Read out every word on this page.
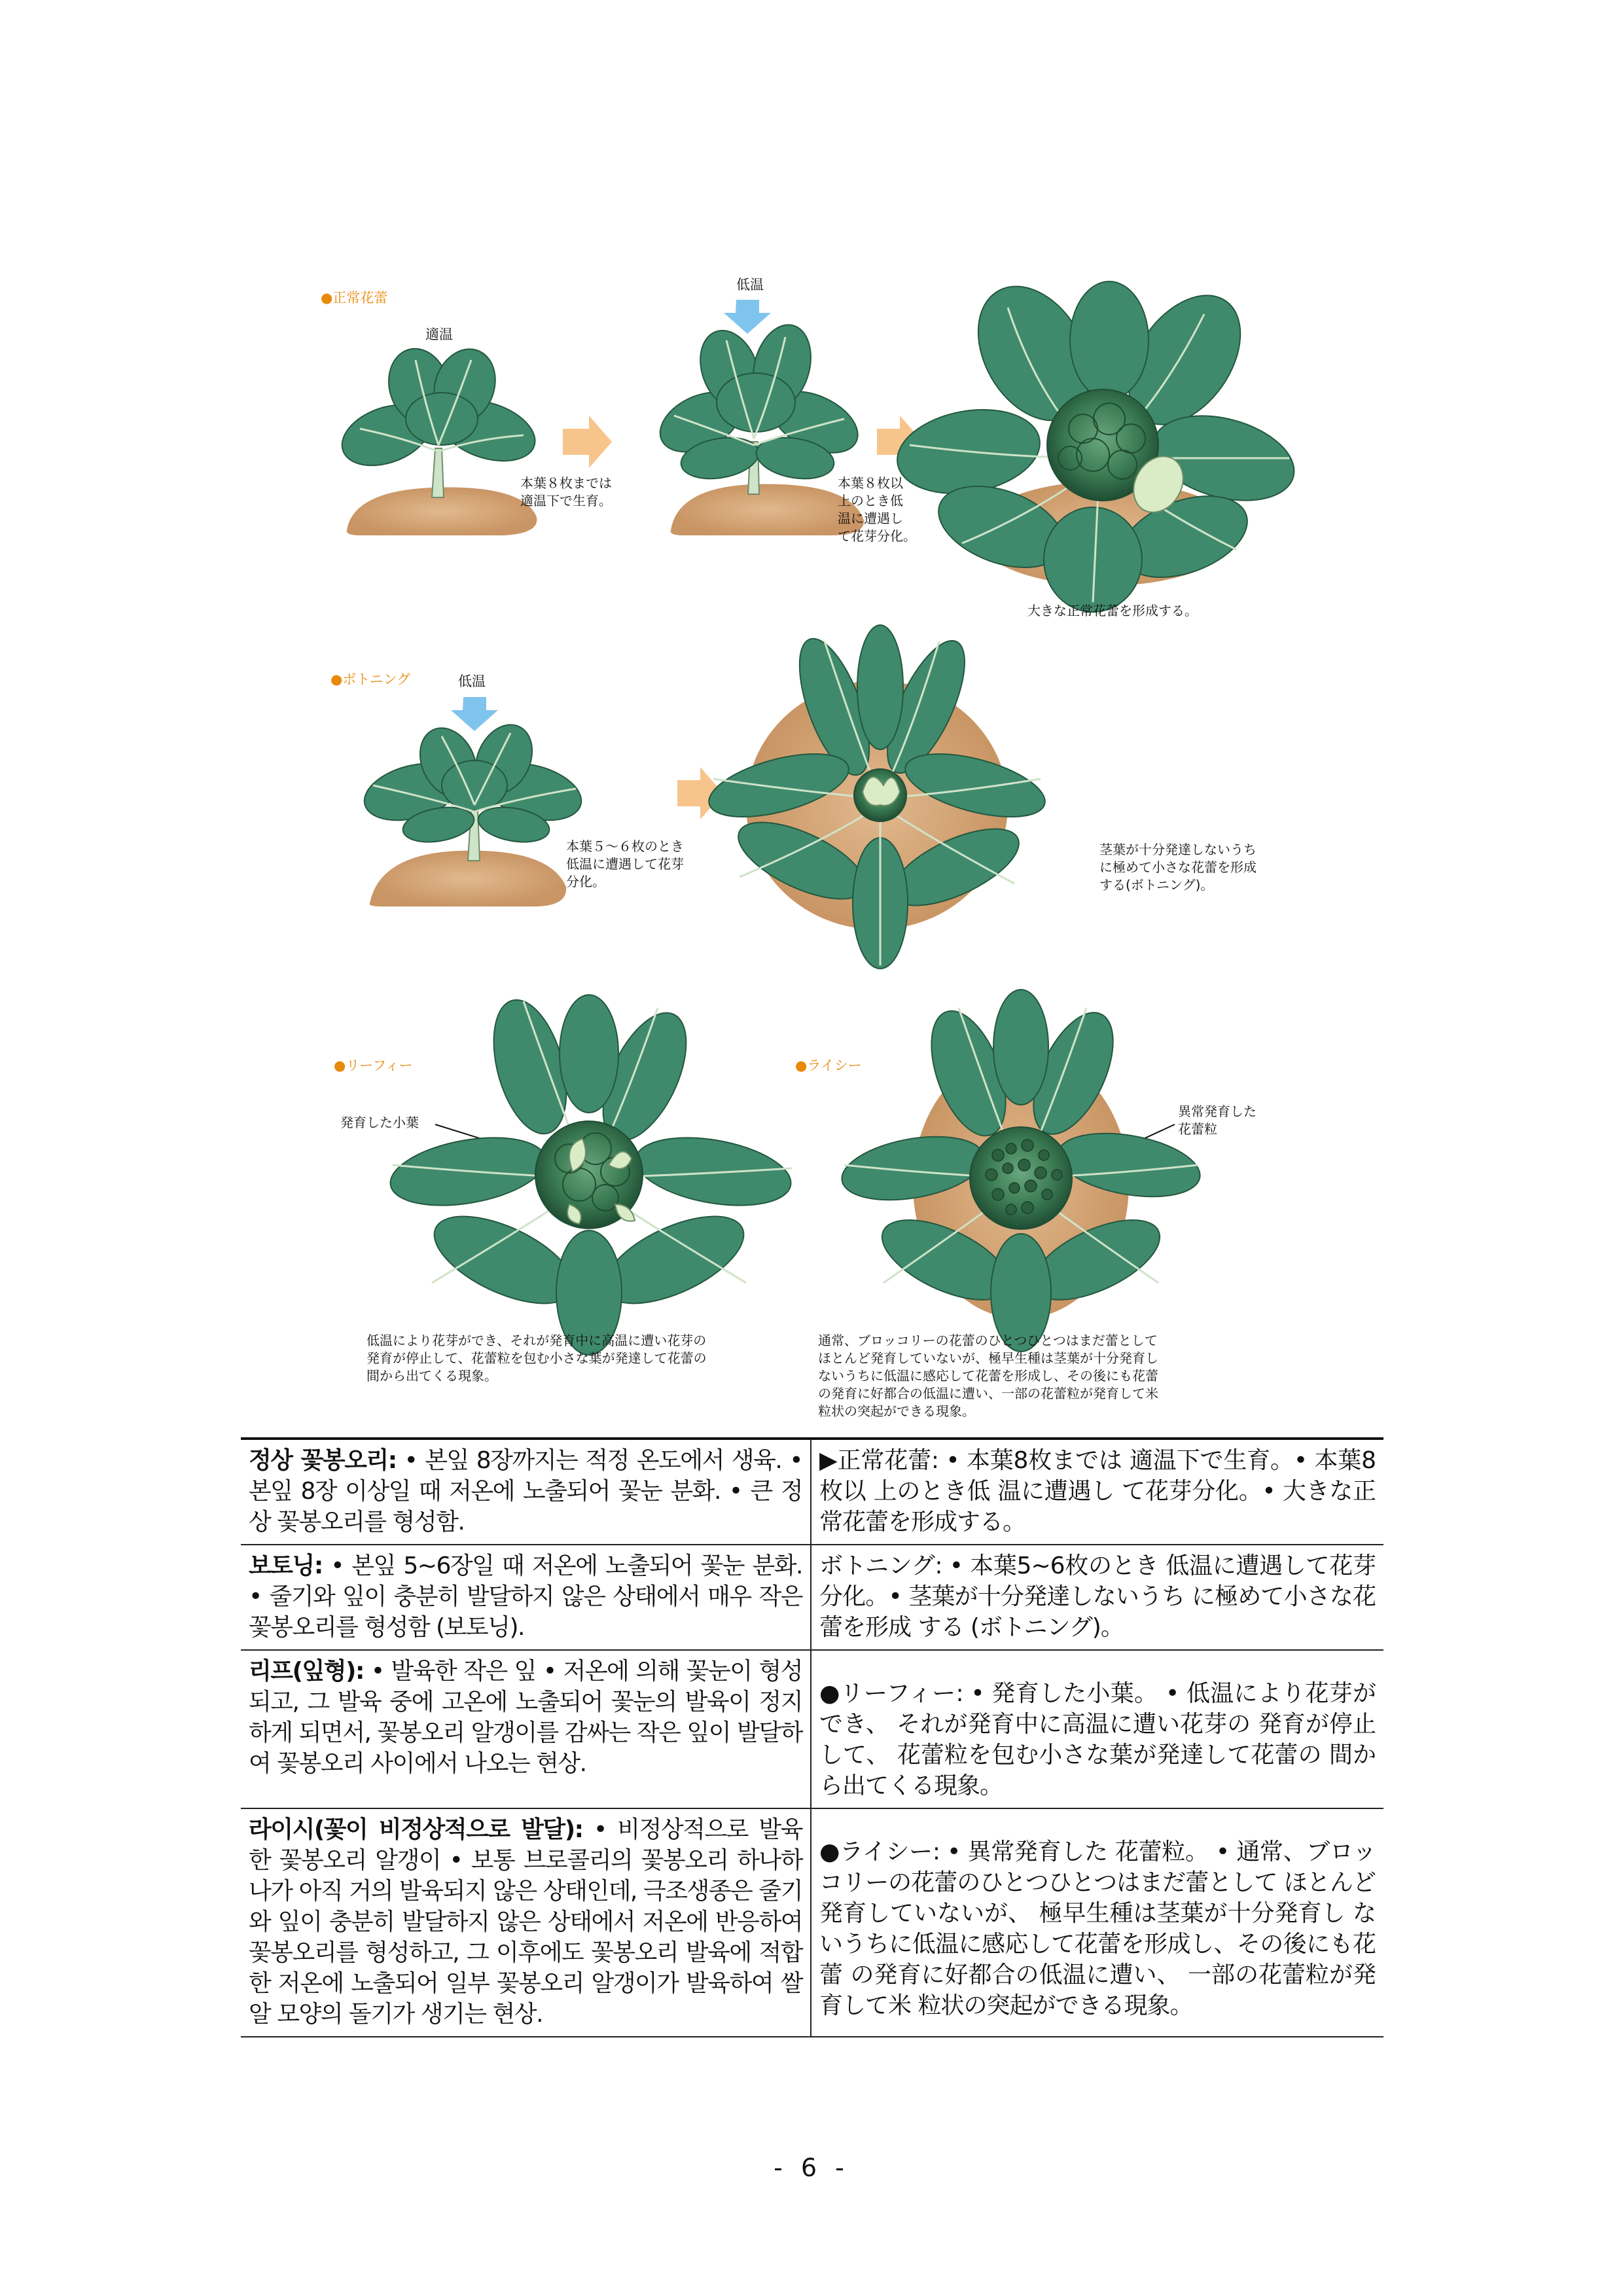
●正常花蕾
適温
本葉８枚までは
適温下で生育。
低温
本葉８枚以
上のとき低
温に遭遇し
て花芽分化。
大きな正常花蕾を形成する。
●ボトニング	低温
本葉５～６枚のとき
低温に遭遇して花芽
分化。
茎葉が十分発達しないうち
に極めて小さな花蕾を形成
する(ボトニング)。
●リーフィー
発育した小葉
低温により花芽ができ、それが発育中に高温に遭い花芽の
発育が停止して、花蕾粒を包む小さな葉が発達して花蕾の
間から出てくる現象。
●ライシー
異常発育した
花蕾粒
通常、ブロッコリーの花蕾のひとつひとつはまだ蕾として
ほとんど発育していないが、極早生種は茎葉が十分発育し
ないうちに低温に感応して花蕾を形成し、その後にも花蕾
の発育に好都合の低温に遭い、一部の花蕾粒が発育して米
粒状の突起ができる現象。
정상 꽃봉오리: • 본잎 8장까지는 적정 온도에서 생육. • 본잎 8장 이상일 때 저온에 노출되어 꽃눈 분화. • 큰 정상 꽃봉오리를 형성함.	▶正常花蕾: • 本葉8枚までは 適温下で生育。• 本葉8枚以 上のとき低 温に遭遇し て花芽分化。• 大きな正常花蕾を形成する。
보토닝: • 본잎 5~6장일 때 저온에 노출되어 꽃눈 분화. • 줄기와 잎이 충분히 발달하지 않은 상태에서 매우 작은 꽃봉오리를 형성함 (보토닝).	ボトニング: • 本葉5~6枚のとき 低温に遭遇して花芽 分化。• 茎葉が十分発達しないうち に極めて小さな花蕾を形成 する (ボトニング)。
리프(잎형): • 발육한 작은 잎 • 저온에 의해 꽃눈이 형성되고, 그 발육 중에 고온에 노출되어 꽃눈의 발육이 정지하게 되면서, 꽃봉오리 알갱이를 감싸는 작은 잎이 발달하여 꽃봉오리 사이에서 나오는 현상.	●リーフィー: • 発育した小葉。 • 低温により花芽ができ、 それが発育中に高温に遭い花芽の 発育が停止して、 花蕾粒を包む小さな葉が発達して花蕾の 間から出てくる現象。
라이시(꽃이 비정상적으로 발달): • 비정상적으로 발육한 꽃봉오리 알갱이 • 보통 브로콜리의 꽃봉오리 하나하나가 아직 거의 발육되지 않은 상태인데, 극조생종은 줄기와 잎이 충분히 발달하지 않은 상태에서 저온에 반응하여 꽃봉오리를 형성하고, 그 이후에도 꽃봉오리 발육에 적합한 저온에 노출되어 일부 꽃봉오리 알갱이가 발육하여 쌀알 모양의 돌기가 생기는 현상.	●ライシー: • 異常発育した 花蕾粒。 • 通常、ブロッコリーの花蕾のひとつひとつはまだ蕾として ほとんど発育していないが、 極早生種は茎葉が十分発育し ないうちに低温に感応して花蕾を形成し、その後にも花蕾 の発育に好都合の低温に遭い、 一部の花蕾粒が発育して米 粒状の突起ができる現象。
- 6 -
